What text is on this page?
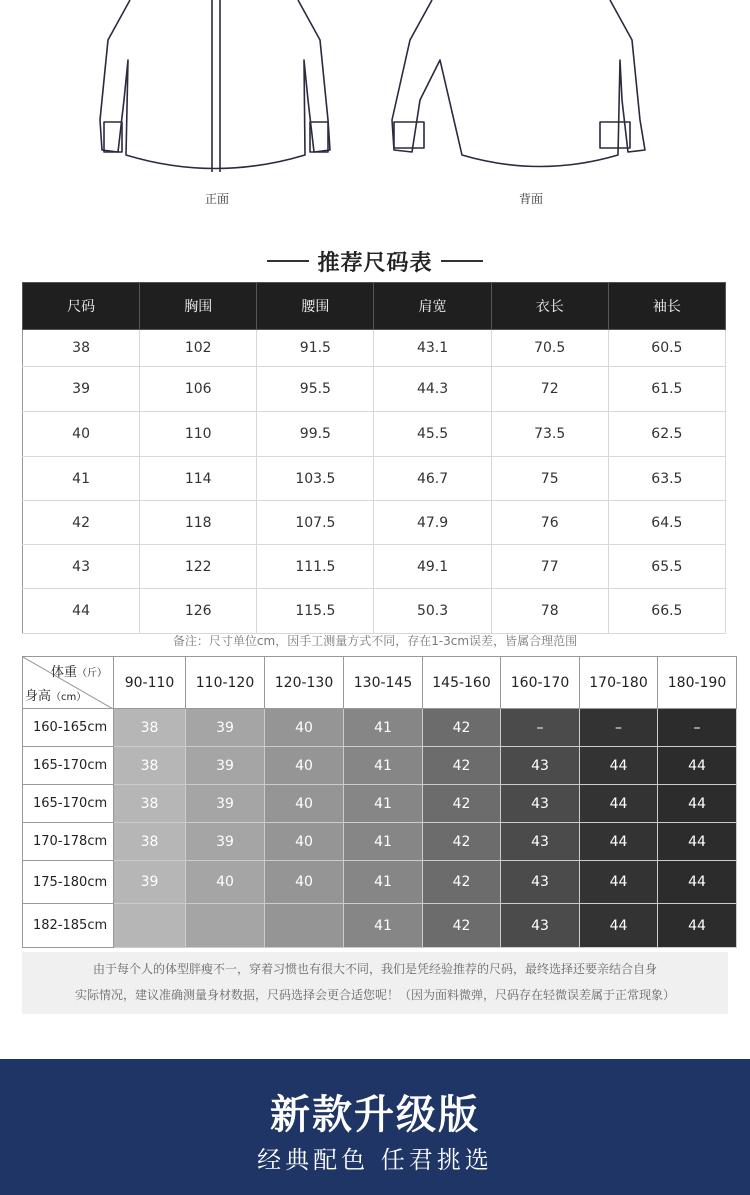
正面	背面
推荐尺码表
尺码	胸围	腰围	肩宽	衣长	袖长
38	102	91.5	43.1	70.5	60.5
39	106	95.5	44.3	72	61.5
40	110	99.5	45.5	73.5	62.5
41	114	103.5	46.7	75	63.5
42	118	107.5	47.9	76	64.5
43	122	111.5	49.1	77	65.5
44	126	115.5	50.3	78	66.5
备注：尺寸单位cm，因手工测量方式不同，存在1-3cm误差，皆属合理范围
体重（斤）
身高（cm）	90-110	110-120	120-130	130-145	145-160	160-170	170-180	180-190
160-165cm	38	39	40	41	42	–	–	–
165-170cm	38	39	40	41	42	43	44	44
165-170cm	38	39	40	41	42	43	44	44
170-178cm	38	39	40	41	42	43	44	44
175-180cm	39	40	40	41	42	43	44	44
182-185cm				41	42	43	44	44
由于每个人的体型胖瘦不一，穿着习惯也有很大不同，我们是凭经验推荐的尺码，最终选择还要亲结合自身
实际情况，建议准确测量身材数据，尺码选择会更合适您呢！（因为面料微弹，尺码存在轻微误差属于正常现象）
新款升级版
经典配色 任君挑选
